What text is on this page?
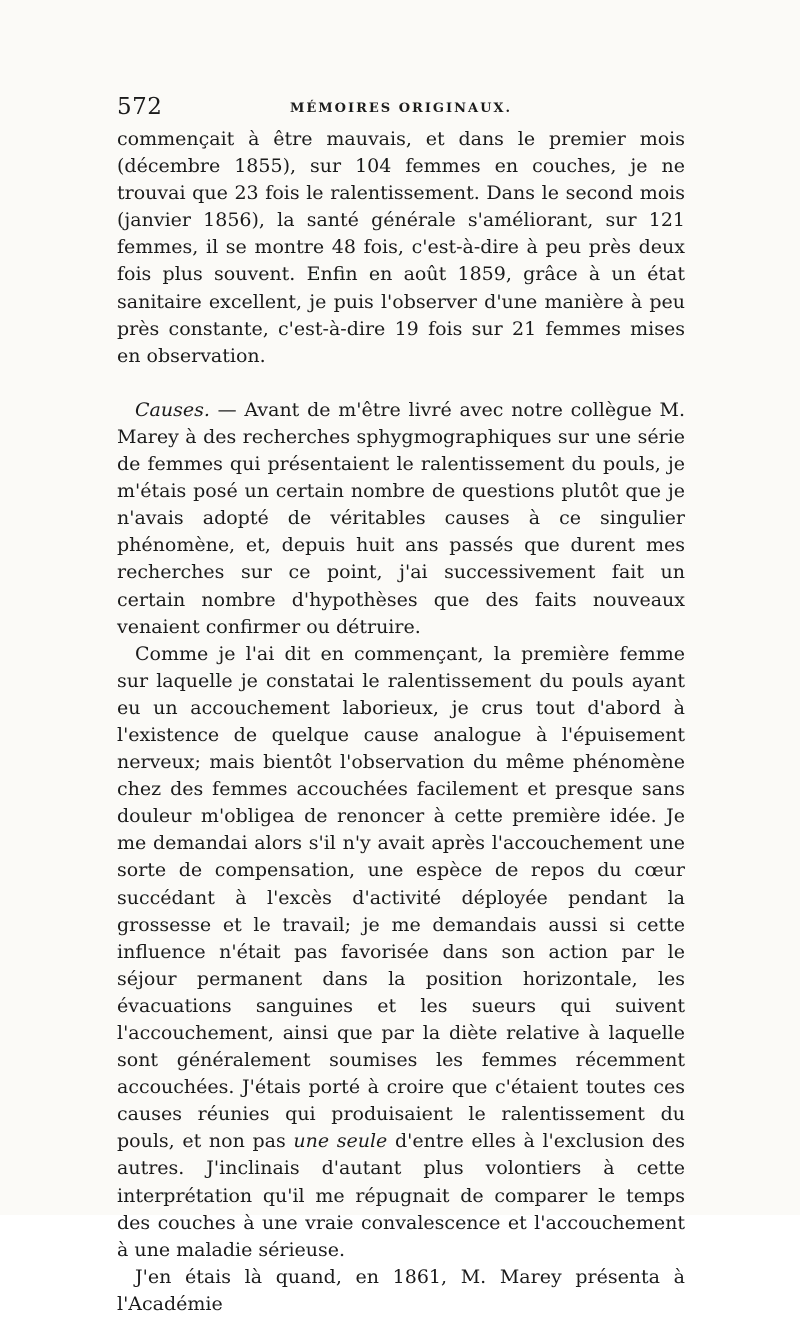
572	MÉMOIRES ORIGINAUX.

commençait à être mauvais, et dans le premier mois (décembre 1855), sur 104 femmes en couches, je ne trouvai que 23 fois le ralentissement. Dans le second mois (janvier 1856), la santé générale s'améliorant, sur 121 femmes, il se montre 48 fois, c'est-à-dire à peu près deux fois plus souvent. Enfin en août 1859, grâce à un état sanitaire excellent, je puis l'observer d'une manière à peu près constante, c'est-à-dire 19 fois sur 21 femmes mises en observation.

Causes. — Avant de m'être livré avec notre collègue M. Marey à des recherches sphygmographiques sur une série de femmes qui présentaient le ralentissement du pouls, je m'étais posé un certain nombre de questions plutôt que je n'avais adopté de véritables causes à ce singulier phénomène, et, depuis huit ans passés que durent mes recherches sur ce point, j'ai successivement fait un certain nombre d'hypothèses que des faits nouveaux venaient confirmer ou détruire.

Comme je l'ai dit en commençant, la première femme sur laquelle je constatai le ralentissement du pouls ayant eu un accouchement laborieux, je crus tout d'abord à l'existence de quelque cause analogue à l'épuisement nerveux; mais bientôt l'observation du même phénomène chez des femmes accouchées facilement et presque sans douleur m'obligea de renoncer à cette première idée. Je me demandai alors s'il n'y avait après l'accouchement une sorte de compensation, une espèce de repos du cœur succédant à l'excès d'activité déployée pendant la grossesse et le travail; je me demandais aussi si cette influence n'était pas favorisée dans son action par le séjour permanent dans la position horizontale, les évacuations sanguines et les sueurs qui suivent l'accouchement, ainsi que par la diète relative à laquelle sont généralement soumises les femmes récemment accouchées. J'étais porté à croire que c'étaient toutes ces causes réunies qui produisaient le ralentissement du pouls, et non pas une seule d'entre elles à l'exclusion des autres. J'inclinais d'autant plus volontiers à cette interprétation qu'il me répugnait de comparer le temps des couches à une vraie convalescence et l'accouchement à une maladie sérieuse.

J'en étais là quand, en 1861, M. Marey présenta à l'Académie
